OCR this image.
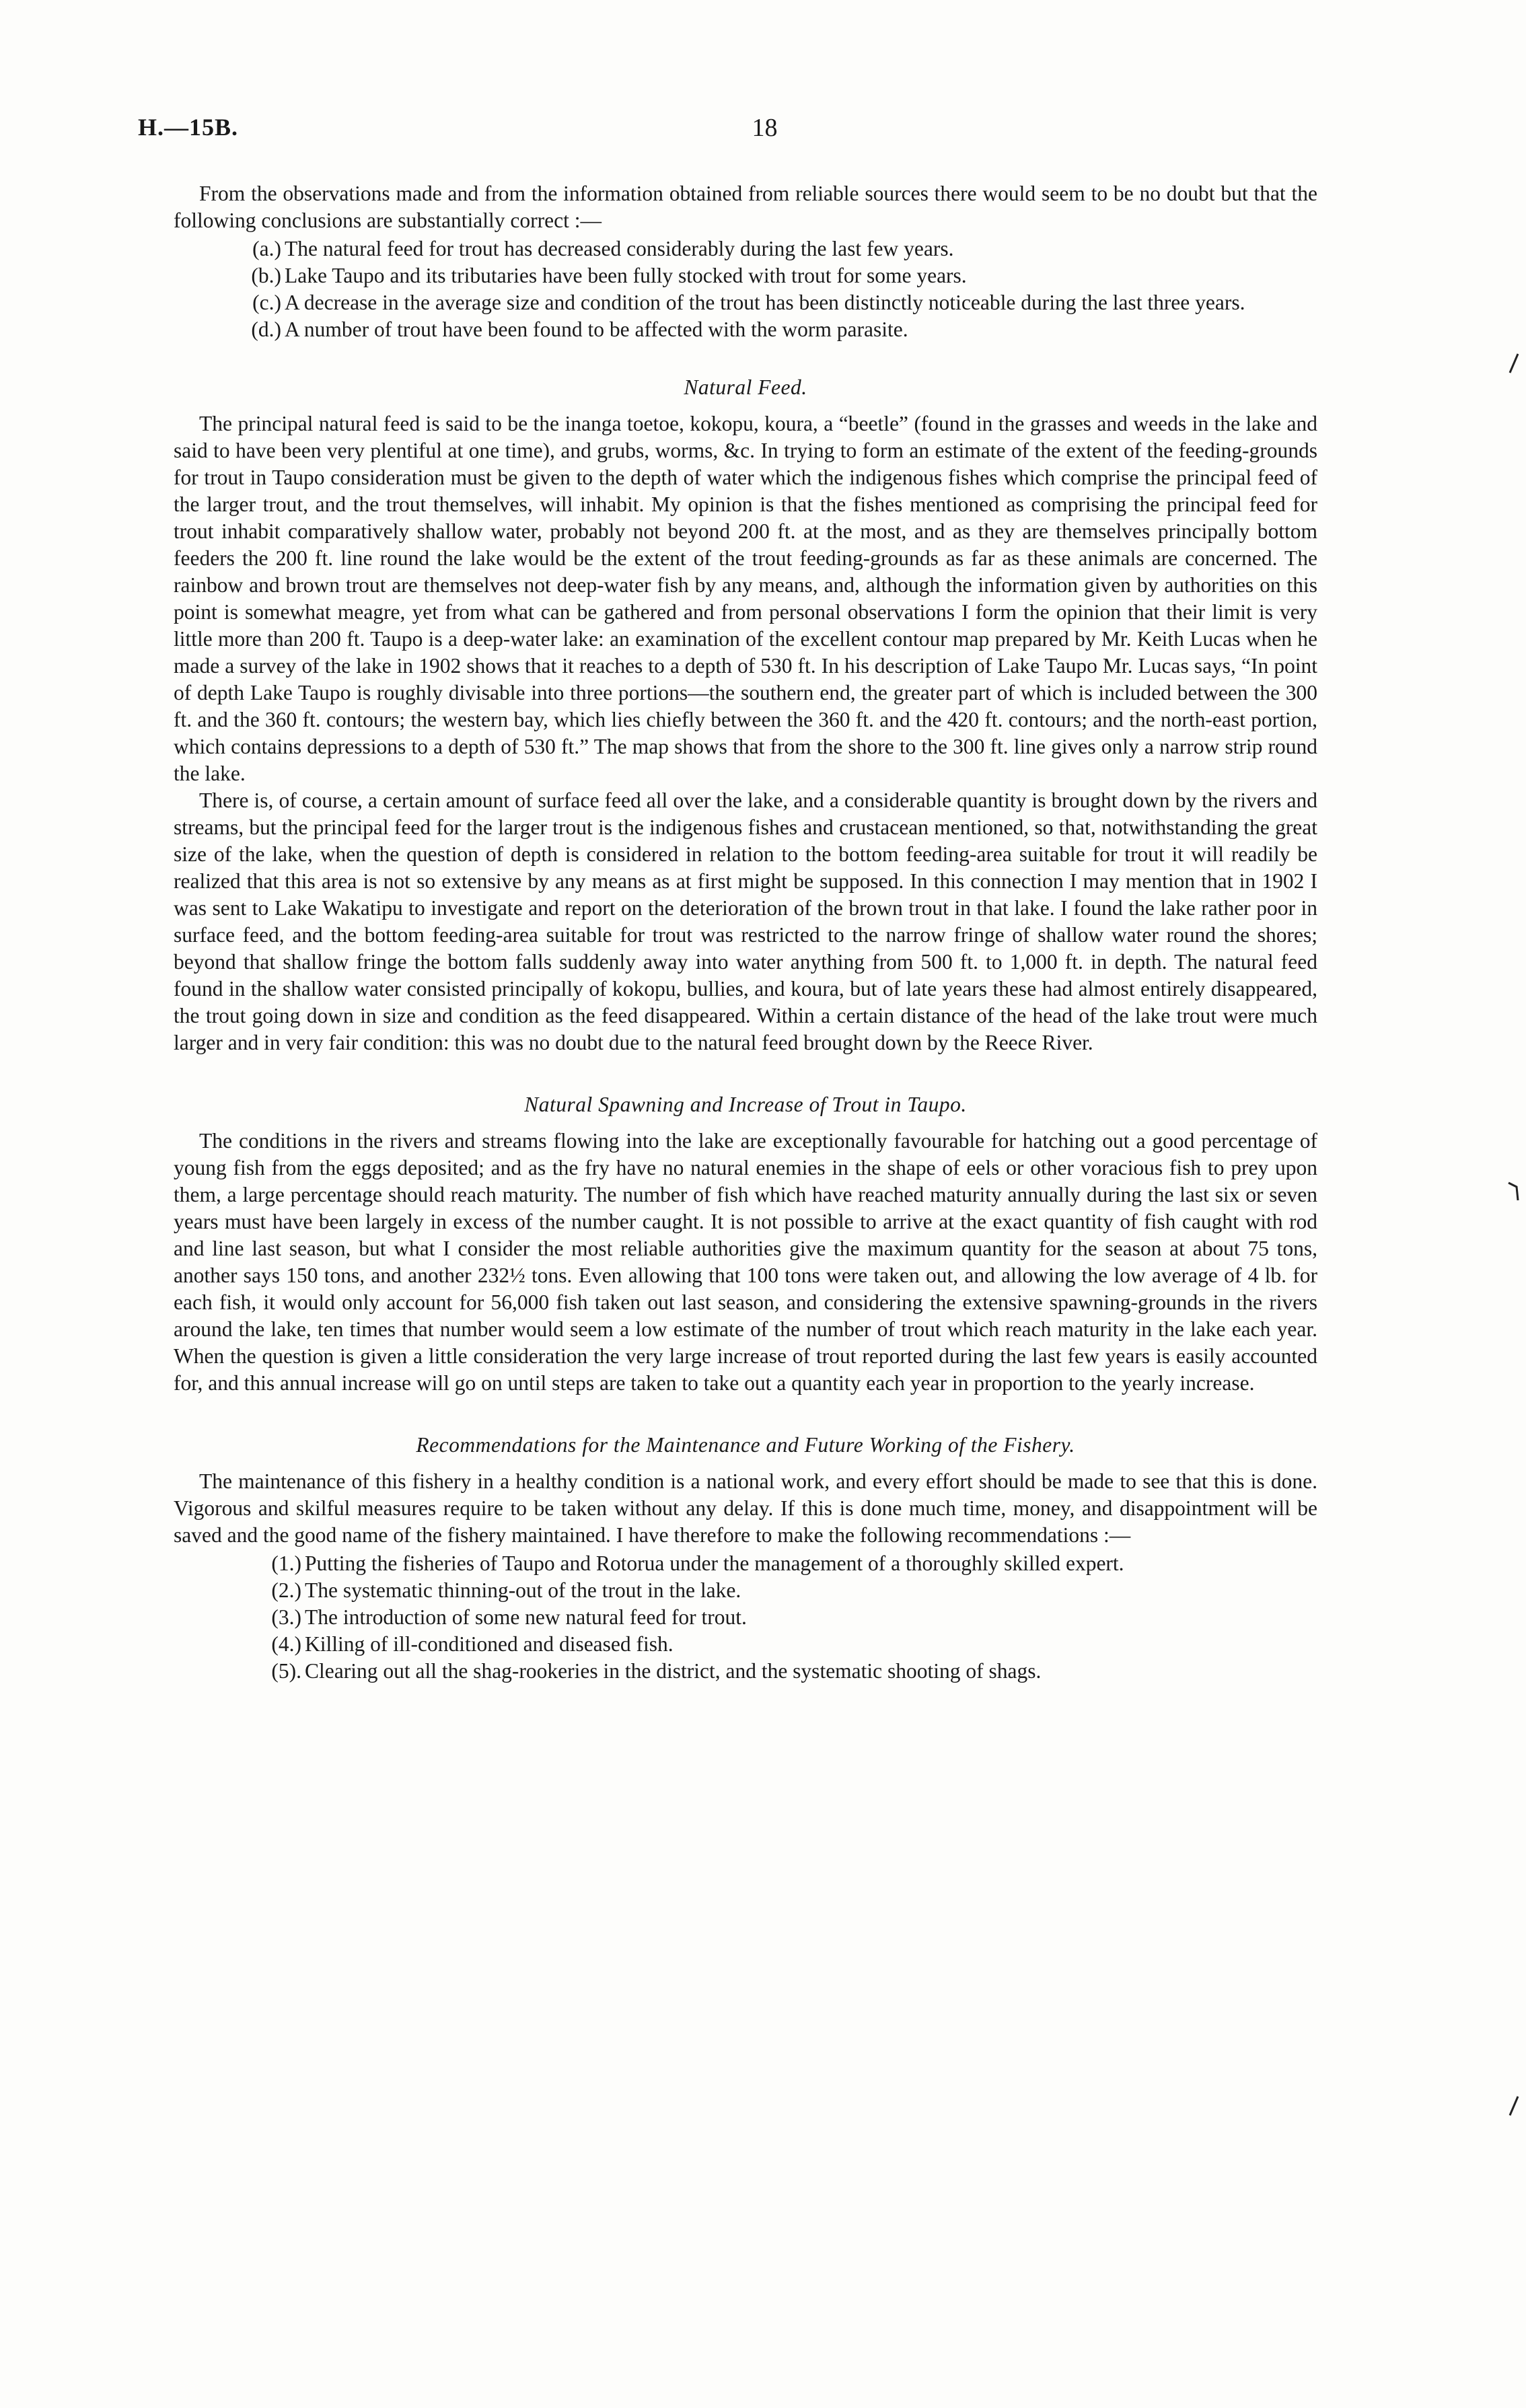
H.—15B.	18

From the observations made and from the information obtained from reliable sources there would seem to be no doubt but that the following conclusions are substantially correct :—

(a.) The natural feed for trout has decreased considerably during the last few years.
(b.) Lake Taupo and its tributaries have been fully stocked with trout for some years.
(c.) A decrease in the average size and condition of the trout has been distinctly noticeable during the last three years.
(d.) A number of trout have been found to be affected with the worm parasite.
Natural Feed.

The principal natural feed is said to be the inanga toetoe, kokopu, koura, a “beetle” (found in the grasses and weeds in the lake and said to have been very plentiful at one time), and grubs, worms, &c. In trying to form an estimate of the extent of the feeding-grounds for trout in Taupo consideration must be given to the depth of water which the indigenous fishes which comprise the principal feed of the larger trout, and the trout themselves, will inhabit. My opinion is that the fishes mentioned as comprising the principal feed for trout inhabit comparatively shallow water, probably not beyond 200 ft. at the most, and as they are themselves principally bottom feeders the 200 ft. line round the lake would be the extent of the trout feeding-grounds as far as these animals are concerned. The rainbow and brown trout are themselves not deep-water fish by any means, and, although the information given by authorities on this point is somewhat meagre, yet from what can be gathered and from personal observations I form the opinion that their limit is very little more than 200 ft. Taupo is a deep-water lake: an examination of the excellent contour map prepared by Mr. Keith Lucas when he made a survey of the lake in 1902 shows that it reaches to a depth of 530 ft. In his description of Lake Taupo Mr. Lucas says, “In point of depth Lake Taupo is roughly divisable into three portions—the southern end, the greater part of which is included between the 300 ft. and the 360 ft. contours; the western bay, which lies chiefly between the 360 ft. and the 420 ft. contours; and the north-east portion, which contains depressions to a depth of 530 ft.” The map shows that from the shore to the 300 ft. line gives only a narrow strip round the lake.

There is, of course, a certain amount of surface feed all over the lake, and a considerable quantity is brought down by the rivers and streams, but the principal feed for the larger trout is the indigenous fishes and crustacean mentioned, so that, notwithstanding the great size of the lake, when the question of depth is considered in relation to the bottom feeding-area suitable for trout it will readily be realized that this area is not so extensive by any means as at first might be supposed. In this connection I may mention that in 1902 I was sent to Lake Wakatipu to investigate and report on the deterioration of the brown trout in that lake. I found the lake rather poor in surface feed, and the bottom feeding-area suitable for trout was restricted to the narrow fringe of shallow water round the shores; beyond that shallow fringe the bottom falls suddenly away into water anything from 500 ft. to 1,000 ft. in depth. The natural feed found in the shallow water consisted principally of kokopu, bullies, and koura, but of late years these had almost entirely disappeared, the trout going down in size and condition as the feed disappeared. Within a certain distance of the head of the lake trout were much larger and in very fair condition: this was no doubt due to the natural feed brought down by the Reece River.

Natural Spawning and Increase of Trout in Taupo.

The conditions in the rivers and streams flowing into the lake are exceptionally favourable for hatching out a good percentage of young fish from the eggs deposited; and as the fry have no natural enemies in the shape of eels or other voracious fish to prey upon them, a large percentage should reach maturity. The number of fish which have reached maturity annually during the last six or seven years must have been largely in excess of the number caught. It is not possible to arrive at the exact quantity of fish caught with rod and line last season, but what I consider the most reliable authorities give the maximum quantity for the season at about 75 tons, another says 150 tons, and another 232½ tons. Even allowing that 100 tons were taken out, and allowing the low average of 4 lb. for each fish, it would only account for 56,000 fish taken out last season, and considering the extensive spawning-grounds in the rivers around the lake, ten times that number would seem a low estimate of the number of trout which reach maturity in the lake each year. When the question is given a little consideration the very large increase of trout reported during the last few years is easily accounted for, and this annual increase will go on until steps are taken to take out a quantity each year in proportion to the yearly increase.

Recommendations for the Maintenance and Future Working of the Fishery.

The maintenance of this fishery in a healthy condition is a national work, and every effort should be made to see that this is done. Vigorous and skilful measures require to be taken without any delay. If this is done much time, money, and disappointment will be saved and the good name of the fishery maintained. I have therefore to make the following recommendations :—

(1.) Putting the fisheries of Taupo and Rotorua under the management of a thoroughly skilled expert.
(2.) The systematic thinning-out of the trout in the lake.
(3.) The introduction of some new natural feed for trout.
(4.) Killing of ill-conditioned and diseased fish.
(5). Clearing out all the shag-rookeries in the district, and the systematic shooting of shags.
